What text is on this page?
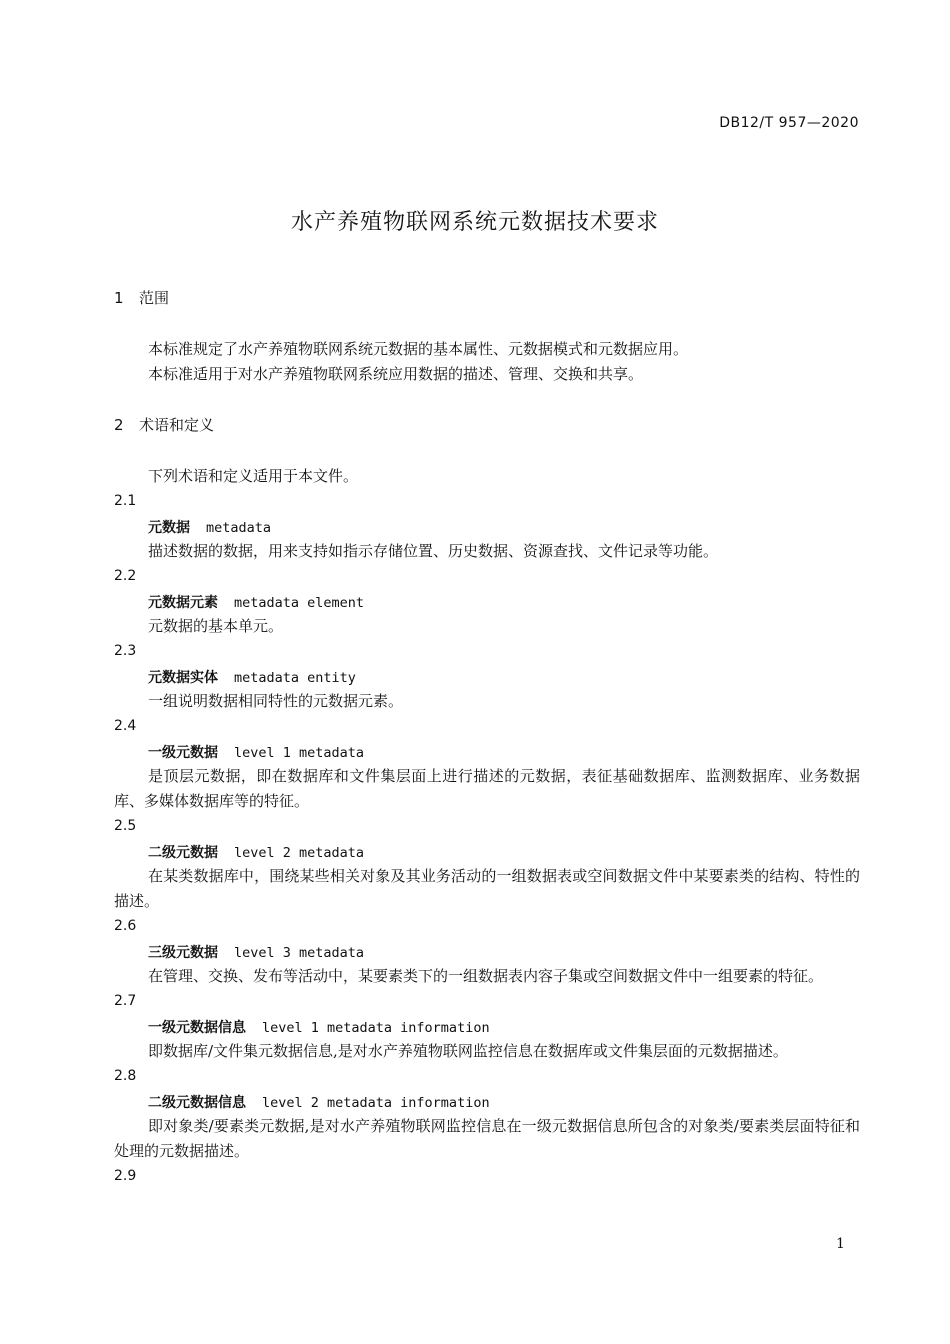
DB12/T 957—2020
水产养殖物联网系统元数据技术要求
1 范围
本标准规定了水产养殖物联网系统元数据的基本属性、元数据模式和元数据应用。
本标准适用于对水产养殖物联网系统应用数据的描述、管理、交换和共享。
2 术语和定义
下列术语和定义适用于本文件。
2.1
元数据 metadata
描述数据的数据，用来支持如指示存储位置、历史数据、资源查找、文件记录等功能。
2.2
元数据元素 metadata element
元数据的基本单元。
2.3
元数据实体 metadata entity
一组说明数据相同特性的元数据元素。
2.4
一级元数据 level 1 metadata
是顶层元数据，即在数据库和文件集层面上进行描述的元数据，表征基础数据库、监测数据库、业务数据库、多媒体数据库等的特征。
2.5
二级元数据 level 2 metadata
在某类数据库中，围绕某些相关对象及其业务活动的一组数据表或空间数据文件中某要素类的结构、特性的描述。
2.6
三级元数据 level 3 metadata
在管理、交换、发布等活动中，某要素类下的一组数据表内容子集或空间数据文件中一组要素的特征。
2.7
一级元数据信息 level 1 metadata information
即数据库/文件集元数据信息,是对水产养殖物联网监控信息在数据库或文件集层面的元数据描述。
2.8
二级元数据信息 level 2 metadata information
即对象类/要素类元数据,是对水产养殖物联网监控信息在一级元数据信息所包含的对象类/要素类层面特征和处理的元数据描述。
2.9
1
